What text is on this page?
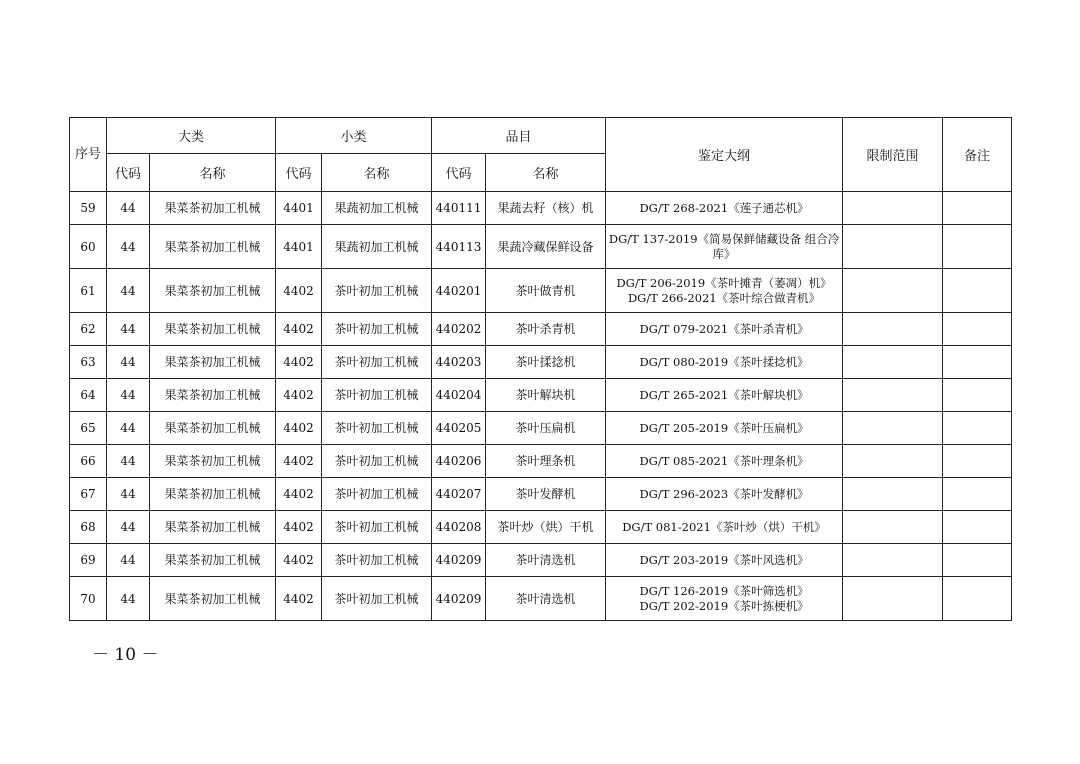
序号	大类		小类		品目		鉴定大纲	限制范围	备注
	代码	名称	代码	名称	代码	名称			
59	44	果菜茶初加工机械	4401	果蔬初加工机械	440111	果蔬去籽（核）机	DG/T 268-2021《莲子通芯机》		

60	44	果菜茶初加工机械	4401	果蔬初加工机械	440113	果蔬冷藏保鲜设备	DG/T 137-2019《简易保鲜储藏设备 组合冷库》		

61	44	果菜茶初加工机械	4402	茶叶初加工机械	440201	茶叶做青机	DG/T 206-2019《茶叶摊青（萎凋）机》
DG/T 266-2021《茶叶综合做青机》		

62	44	果菜茶初加工机械	4402	茶叶初加工机械	440202	茶叶杀青机	DG/T 079-2021《茶叶杀青机》		

63	44	果菜茶初加工机械	4402	茶叶初加工机械	440203	茶叶揉捻机	DG/T 080-2019《茶叶揉捻机》		

64	44	果菜茶初加工机械	4402	茶叶初加工机械	440204	茶叶解块机	DG/T 265-2021《茶叶解块机》		

65	44	果菜茶初加工机械	4402	茶叶初加工机械	440205	茶叶压扁机	DG/T 205-2019《茶叶压扁机》		

66	44	果菜茶初加工机械	4402	茶叶初加工机械	440206	茶叶理条机	DG/T 085-2021《茶叶理条机》		

67	44	果菜茶初加工机械	4402	茶叶初加工机械	440207	茶叶发酵机	DG/T 296-2023《茶叶发酵机》		

68	44	果菜茶初加工机械	4402	茶叶初加工机械	440208	茶叶炒（烘）干机	DG/T 081-2021《茶叶炒（烘）干机》		

69	44	果菜茶初加工机械	4402	茶叶初加工机械	440209	茶叶清选机	DG/T 203-2019《茶叶风选机》		

70	44	果菜茶初加工机械	4402	茶叶初加工机械	440209	茶叶清选机	DG/T 126-2019《茶叶筛选机》
DG/T 202-2019《茶叶拣梗机》		

－ 10 －
